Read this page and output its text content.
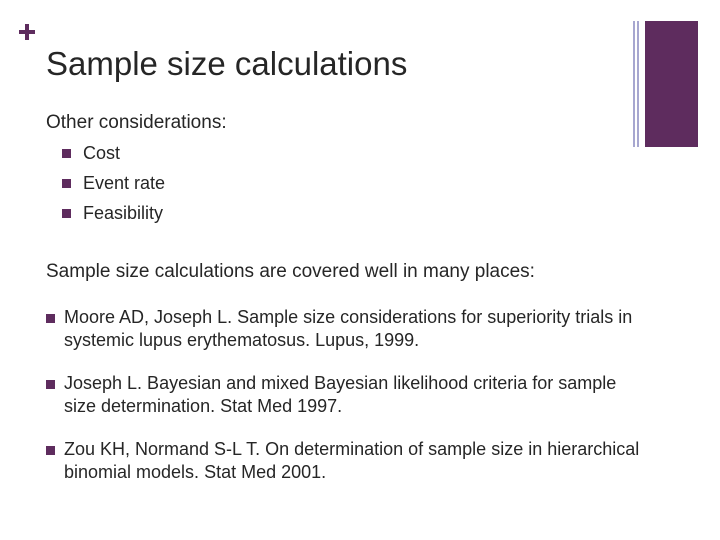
Sample size calculations
Other considerations:
Cost
Event rate
Feasibility
Sample size calculations are covered well in many places:
Moore AD, Joseph L. Sample size considerations for superiority trials in systemic lupus erythematosus. Lupus, 1999.
Joseph L. Bayesian and mixed Bayesian likelihood criteria for sample size determination. Stat Med 1997.
Zou KH, Normand S-L T. On determination of sample size in hierarchical binomial models. Stat Med 2001.
